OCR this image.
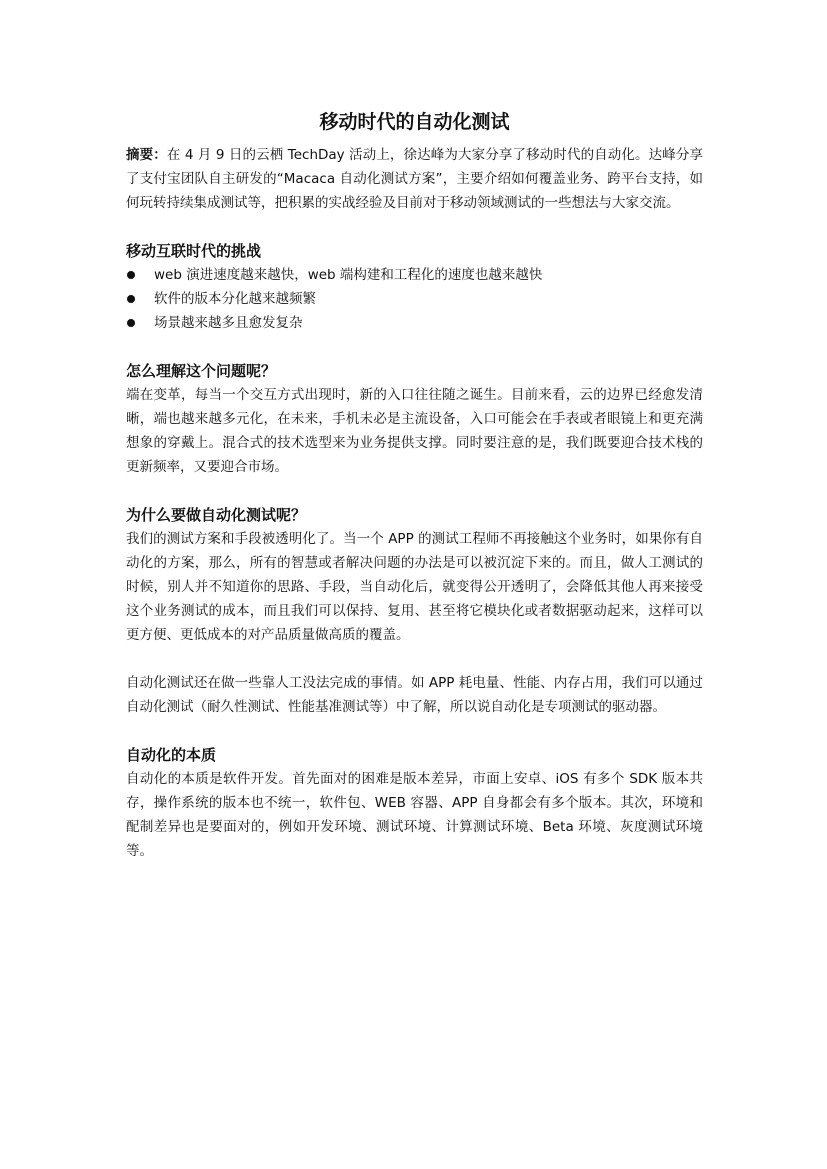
移动时代的自动化测试

摘要：在 4 月 9 日的云栖 TechDay 活动上，徐达峰为大家分享了移动时代的自动化。达峰分享了支付宝团队自主研发的“Macaca 自动化测试方案”，主要介绍如何覆盖业务、跨平台支持，如何玩转持续集成测试等，把积累的实战经验及目前对于移动领域测试的一些想法与大家交流。

移动互联时代的挑战
web 演进速度越来越快，web 端构建和工程化的速度也越来越快
软件的版本分化越来越频繁
场景越来越多且愈发复杂
怎么理解这个问题呢？

端在变革，每当一个交互方式出现时，新的入口往往随之诞生。目前来看，云的边界已经愈发清晰，端也越来越多元化，在未来，手机未必是主流设备，入口可能会在手表或者眼镜上和更充满想象的穿戴上。混合式的技术选型来为业务提供支撑。同时要注意的是，我们既要迎合技术栈的更新频率，又要迎合市场。

为什么要做自动化测试呢？

我们的测试方案和手段被透明化了。当一个 APP 的测试工程师不再接触这个业务时，如果你有自动化的方案，那么，所有的智慧或者解决问题的办法是可以被沉淀下来的。而且，做人工测试的时候，别人并不知道你的思路、手段，当自动化后，就变得公开透明了，会降低其他人再来接受这个业务测试的成本，而且我们可以保持、复用、甚至将它模块化或者数据驱动起来，这样可以更方便、更低成本的对产品质量做高质的覆盖。

自动化测试还在做一些靠人工没法完成的事情。如 APP 耗电量、性能、内存占用，我们可以通过自动化测试（耐久性测试、性能基准测试等）中了解，所以说自动化是专项测试的驱动器。

自动化的本质

自动化的本质是软件开发。首先面对的困难是版本差异，市面上安卓、iOS 有多个 SDK 版本共存，操作系统的版本也不统一，软件包、WEB 容器、APP 自身都会有多个版本。其次，环境和配制差异也是要面对的，例如开发环境、测试环境、计算测试环境、Beta 环境、灰度测试环境等。
